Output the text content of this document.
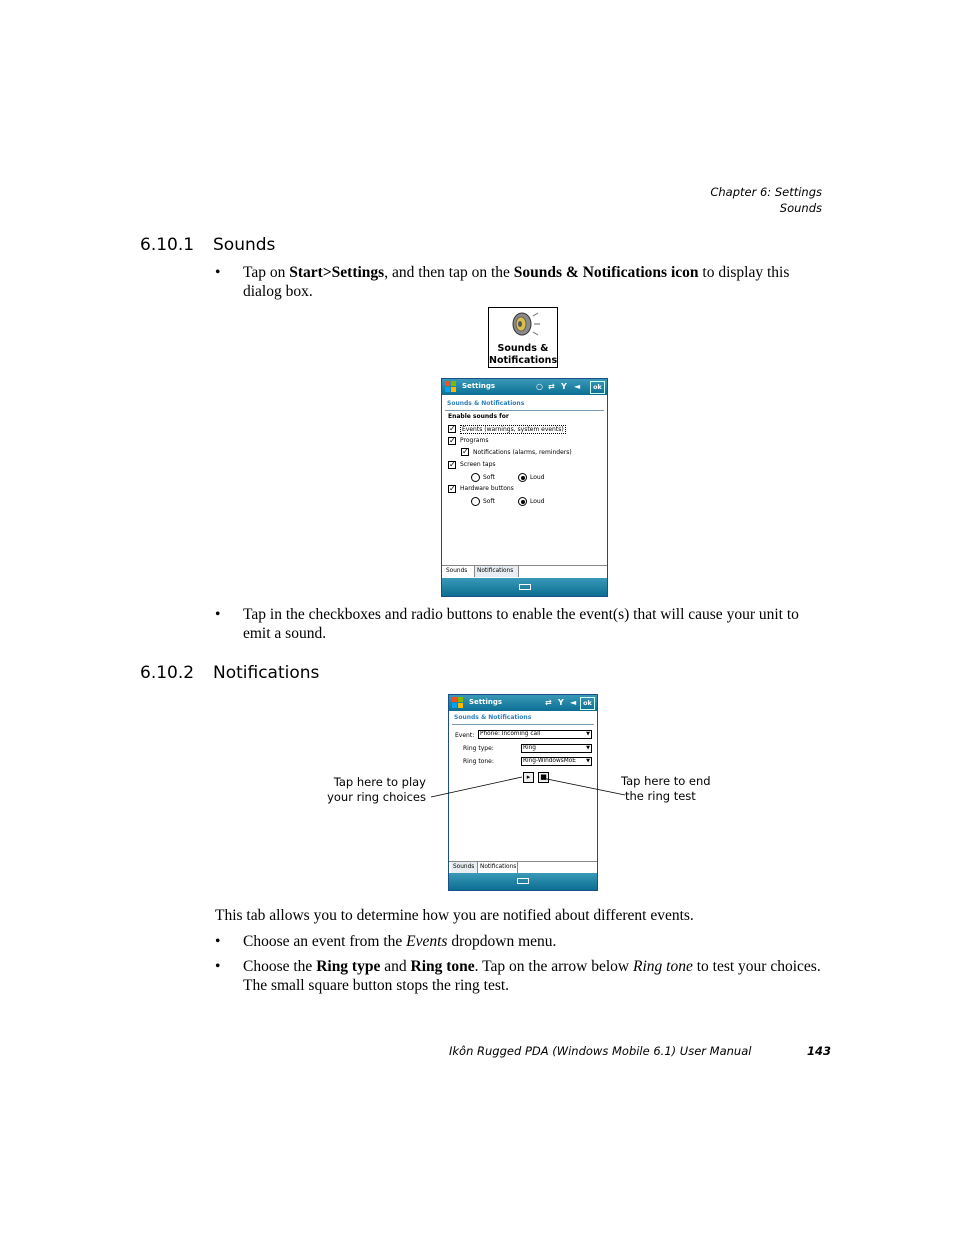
Chapter 6: Settings
Sounds
6.10.1 Sounds
• Tap on Start>Settings, and then tap on the Sounds & Notifications icon to display this dialog box.
Sounds &
Notifications
Settings	○ ⇄ Y ◄	ok
Sounds & Notifications
Enable sounds for
✓	Events (warnings, system events)
✓ Programs
✓ Notifications (alarms, reminders)
✓ Screen taps
Soft	Loud
✓ Hardware buttons
Soft	Loud
Sounds	Notifications
• Tap in the checkboxes and radio buttons to enable the event(s) that will cause your unit to emit a sound.
6.10.2 Notifications
Settings	⇄ Y ◄	ok
Sounds & Notifications
Event: Phone: Incoming call	▼
Ring type:	Ring	▼
Ring tone:	Ring-WindowsMoE ▼
▸	■
Sounds Notifications
Tap here to play
your ring choices
Tap here to end
the ring test
This tab allows you to determine how you are notified about different events.
• Choose an event from the Events dropdown menu.
• Choose the Ring type and Ring tone. Tap on the arrow below Ring tone to test your choices. The small square button stops the ring test.
Ikôn Rugged PDA (Windows Mobile 6.1) User Manual	143
